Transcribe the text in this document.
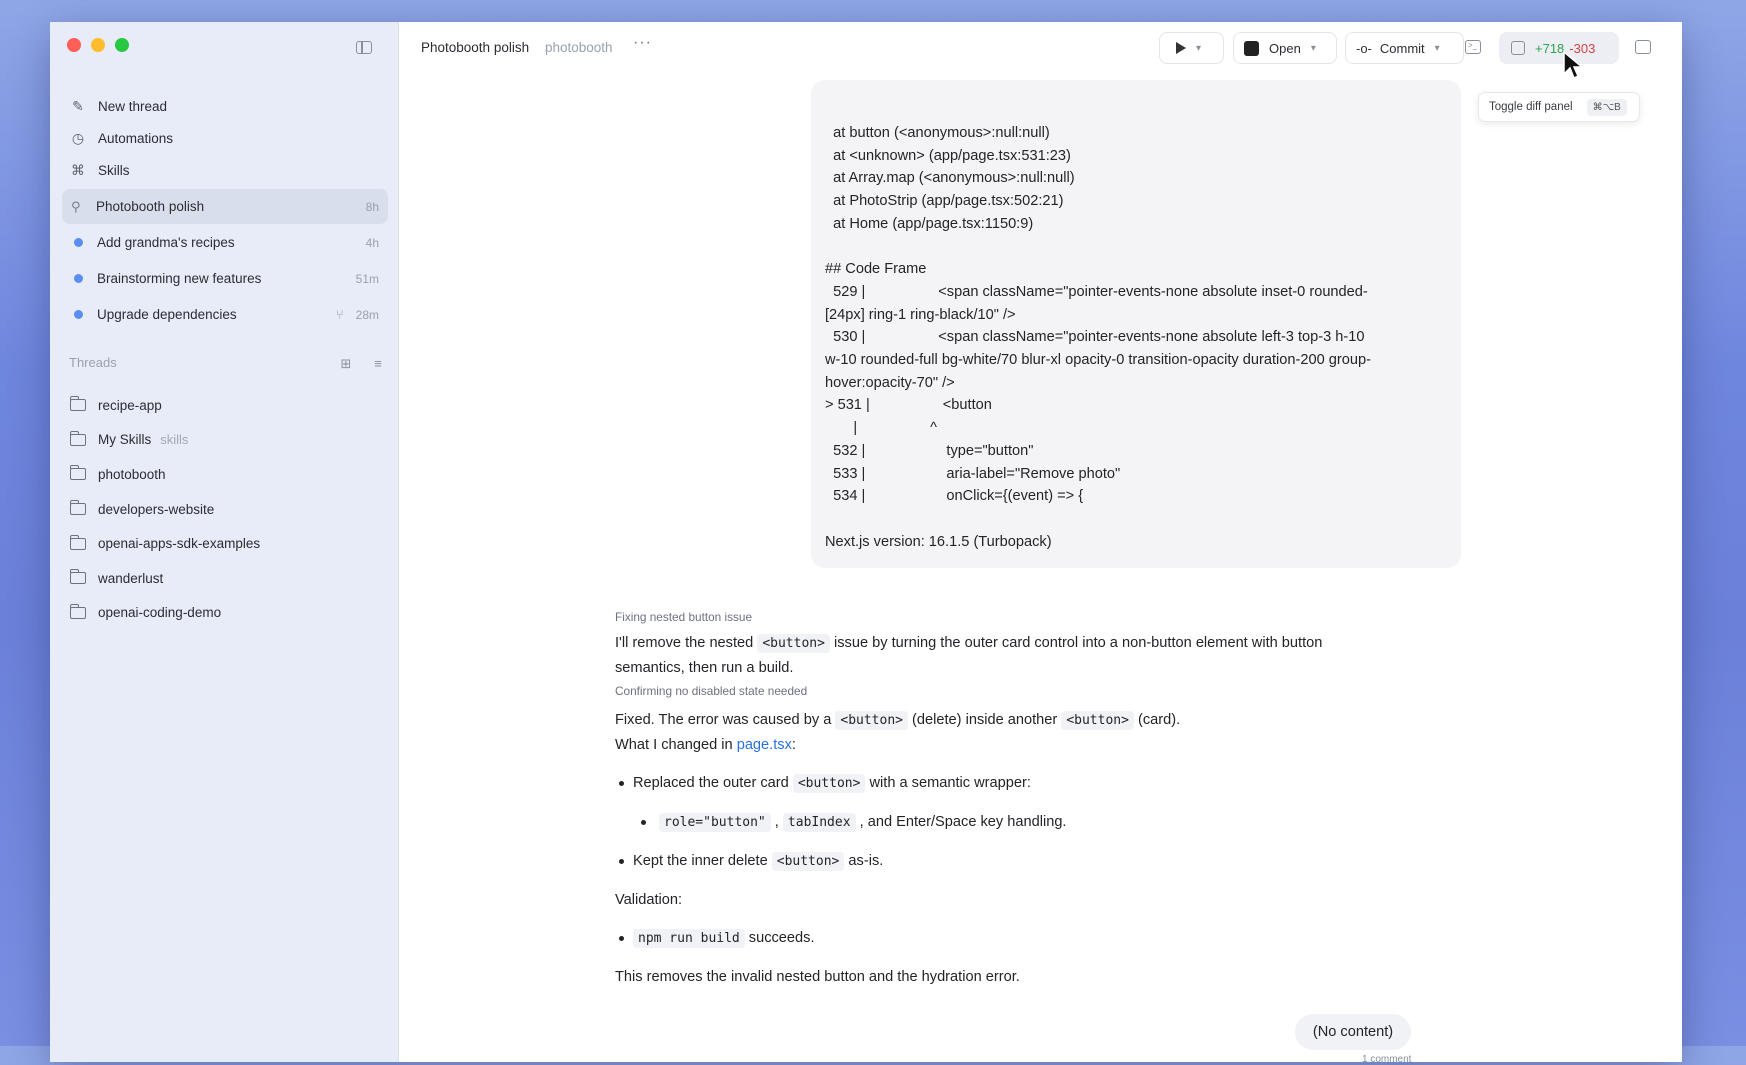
✎ New thread
◷ Automations
⌘ Skills
⚲	Photobooth polish	8h
Add grandma's recipes	4h
Brainstorming new features	51m
Upgrade dependencies	⑂ 28m
Threads	⊞	≡
recipe-app
My Skills skills
photobooth
developers-website
openai-apps-sdk-examples
wanderlust
openai-coding-demo
Photobooth polish photobooth ···	▾	Open ▾	-o- Commit ▾	>_	+718 -303
Toggle diff panel	⌘⌥B
at button (<anonymous>:null:null)
at <unknown> (app/page.tsx:531:23)
at Array.map (<anonymous>:null:null)
at PhotoStrip (app/page.tsx:502:21)
at Home (app/page.tsx:1150:9)

## Code Frame
529 |                  <span className="pointer-events-none absolute inset-0 rounded-
[24px] ring-1 ring-black/10" />
530 |                  <span className="pointer-events-none absolute left-3 top-3 h-10
w-10 rounded-full bg-white/70 blur-xl opacity-0 transition-opacity duration-200 group-
hover:opacity-70" />
> 531 |                  <button
|                  ^
532 |                    type="button"
533 |                    aria-label="Remove photo"
534 |                    onClick={(event) => {

Next.js version: 16.1.5 (Turbopack)
Fixing nested button issue
I'll remove the nested <button> issue by turning the outer card control into a non-button element with button semantics, then run a build.
Confirming no disabled state needed
Fixed. The error was caused by a <button> (delete) inside another <button> (card).
What I changed in page.tsx:
Replaced the outer card <button> with a semantic wrapper:
role="button" , tabIndex , and Enter/Space key handling.
Kept the inner delete <button> as-is.
Validation:
npm run build succeeds.
This removes the invalid nested button and the hydration error.
(No content)
1 comment
